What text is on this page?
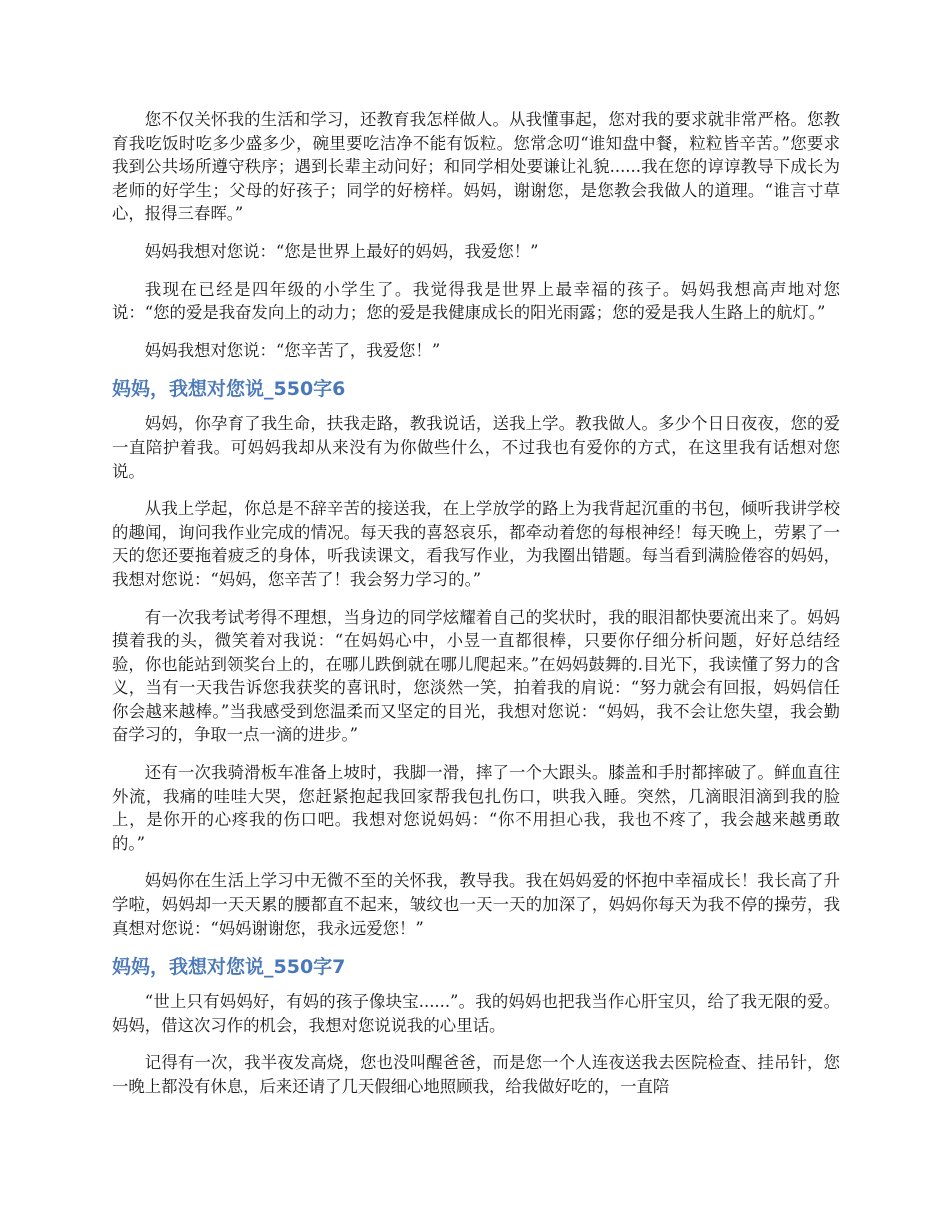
您不仅关怀我的生活和学习，还教育我怎样做人。从我懂事起，您对我的要求就非常严格。您教育我吃饭时吃多少盛多少，碗里要吃洁净不能有饭粒。您常念叨“谁知盘中餐，粒粒皆辛苦。”您要求我到公共场所遵守秩序；遇到长辈主动问好；和同学相处要谦让礼貌......我在您的谆谆教导下成长为老师的好学生；父母的好孩子；同学的好榜样。妈妈，谢谢您，是您教会我做人的道理。“谁言寸草心，报得三春晖。”

妈妈我想对您说：“您是世界上最好的妈妈，我爱您！”

我现在已经是四年级的小学生了。我觉得我是世界上最幸福的孩子。妈妈我想高声地对您说：“您的爱是我奋发向上的动力；您的爱是我健康成长的阳光雨露；您的爱是我人生路上的航灯。”

妈妈我想对您说：“您辛苦了，我爱您！”

妈妈，我想对您说_550字6

妈妈，你孕育了我生命，扶我走路，教我说话，送我上学。教我做人。多少个日日夜夜，您的爱一直陪护着我。可妈妈我却从来没有为你做些什么，不过我也有爱你的方式，在这里我有话想对您说。

从我上学起，你总是不辞辛苦的接送我，在上学放学的路上为我背起沉重的书包，倾听我讲学校的趣闻，询问我作业完成的情况。每天我的喜怒哀乐，都牵动着您的每根神经！每天晚上，劳累了一天的您还要拖着疲乏的身体，听我读课文，看我写作业，为我圈出错题。每当看到满脸倦容的妈妈，我想对您说：“妈妈，您辛苦了！我会努力学习的。”

有一次我考试考得不理想，当身边的同学炫耀着自己的奖状时，我的眼泪都快要流出来了。妈妈摸着我的头，微笑着对我说：“在妈妈心中，小昱一直都很棒，只要你仔细分析问题，好好总结经验，你也能站到领奖台上的，在哪儿跌倒就在哪儿爬起来。”在妈妈鼓舞的.目光下，我读懂了努力的含义，当有一天我告诉您我获奖的喜讯时，您淡然一笑，拍着我的肩说：“努力就会有回报，妈妈信任你会越来越棒。”当我感受到您温柔而又坚定的目光，我想对您说：“妈妈，我不会让您失望，我会勤奋学习的，争取一点一滴的进步。”

还有一次我骑滑板车准备上坡时，我脚一滑，摔了一个大跟头。膝盖和手肘都摔破了。鲜血直往外流，我痛的哇哇大哭，您赶紧抱起我回家帮我包扎伤口，哄我入睡。突然，几滴眼泪滴到我的脸上，是你开的心疼我的伤口吧。我想对您说妈妈：“你不用担心我，我也不疼了，我会越来越勇敢的。”

妈妈你在生活上学习中无微不至的关怀我，教导我。我在妈妈爱的怀抱中幸福成长！我长高了升学啦，妈妈却一天天累的腰都直不起来，皱纹也一天一天的加深了，妈妈你每天为我不停的操劳，我真想对您说：“妈妈谢谢您，我永远爱您！”

妈妈，我想对您说_550字7

“世上只有妈妈好，有妈的孩子像块宝......”。我的妈妈也把我当作心肝宝贝，给了我无限的爱。妈妈，借这次习作的机会，我想对您说说我的心里话。

记得有一次，我半夜发高烧，您也没叫醒爸爸，而是您一个人连夜送我去医院检查、挂吊针，您一晚上都没有休息，后来还请了几天假细心地照顾我，给我做好吃的，一直陪
